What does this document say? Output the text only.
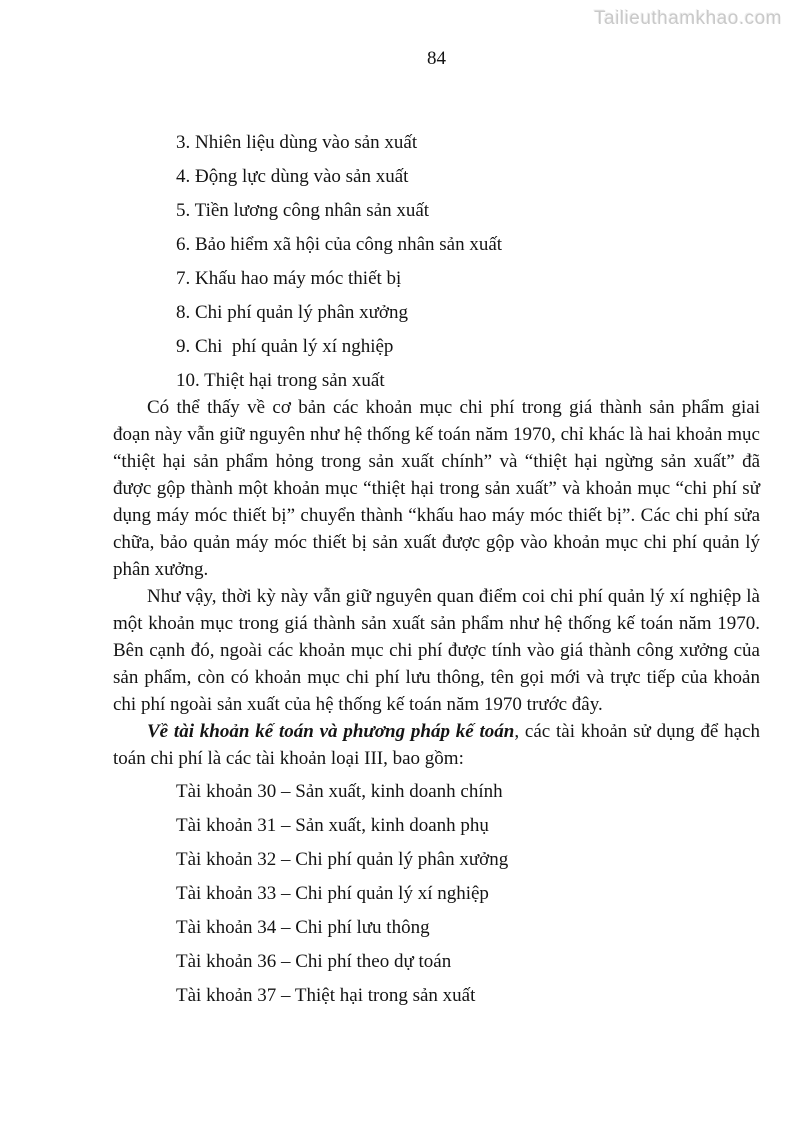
Tailieuthamkhao.com
84

3. Nhiên liệu dùng vào sản xuất

4. Động lực dùng vào sản xuất

5. Tiền lương công nhân sản xuất

6. Bảo hiểm xã hội của công nhân sản xuất

7. Khấu hao máy móc thiết bị

8. Chi phí quản lý phân xưởng

9. Chi  phí quản lý xí nghiệp

10. Thiệt hại trong sản xuất

Có thể thấy về cơ bản các khoản mục chi phí trong giá thành sản phẩm giai đoạn này vẫn giữ nguyên như hệ thống kế toán năm 1970, chỉ khác là hai khoản mục “thiệt hại sản phẩm hỏng trong sản xuất chính” và “thiệt hại ngừng sản xuất” đã được gộp thành một khoản mục “thiệt hại trong sản xuất” và khoản mục “chi phí sử dụng máy móc thiết bị” chuyển thành “khấu hao máy móc thiết bị”. Các chi phí sửa chữa, bảo quản máy móc thiết bị sản xuất được gộp vào khoản mục chi phí quản lý phân xưởng.

Như vậy, thời kỳ này vẫn giữ nguyên quan điểm coi chi phí quản lý xí nghiệp là một khoản mục trong giá thành sản xuất sản phẩm như hệ thống kế toán năm 1970. Bên cạnh đó, ngoài các khoản mục chi phí được tính vào giá thành công xưởng của sản phẩm, còn có khoản mục chi phí lưu thông, tên gọi mới và trực tiếp của khoản chi phí ngoài sản xuất của hệ thống kế toán năm 1970 trước đây.

Về tài khoản kế toán và phương pháp kế toán, các tài khoản sử dụng để hạch toán chi phí là các tài khoản loại III, bao gồm:

Tài khoản 30 – Sản xuất, kinh doanh chính

Tài khoản 31 – Sản xuất, kinh doanh phụ

Tài khoản 32 – Chi phí quản lý phân xưởng

Tài khoản 33 – Chi phí quản lý xí nghiệp

Tài khoản 34 – Chi phí lưu thông

Tài khoản 36 – Chi phí theo dự toán

Tài khoản 37 – Thiệt hại trong sản xuất
